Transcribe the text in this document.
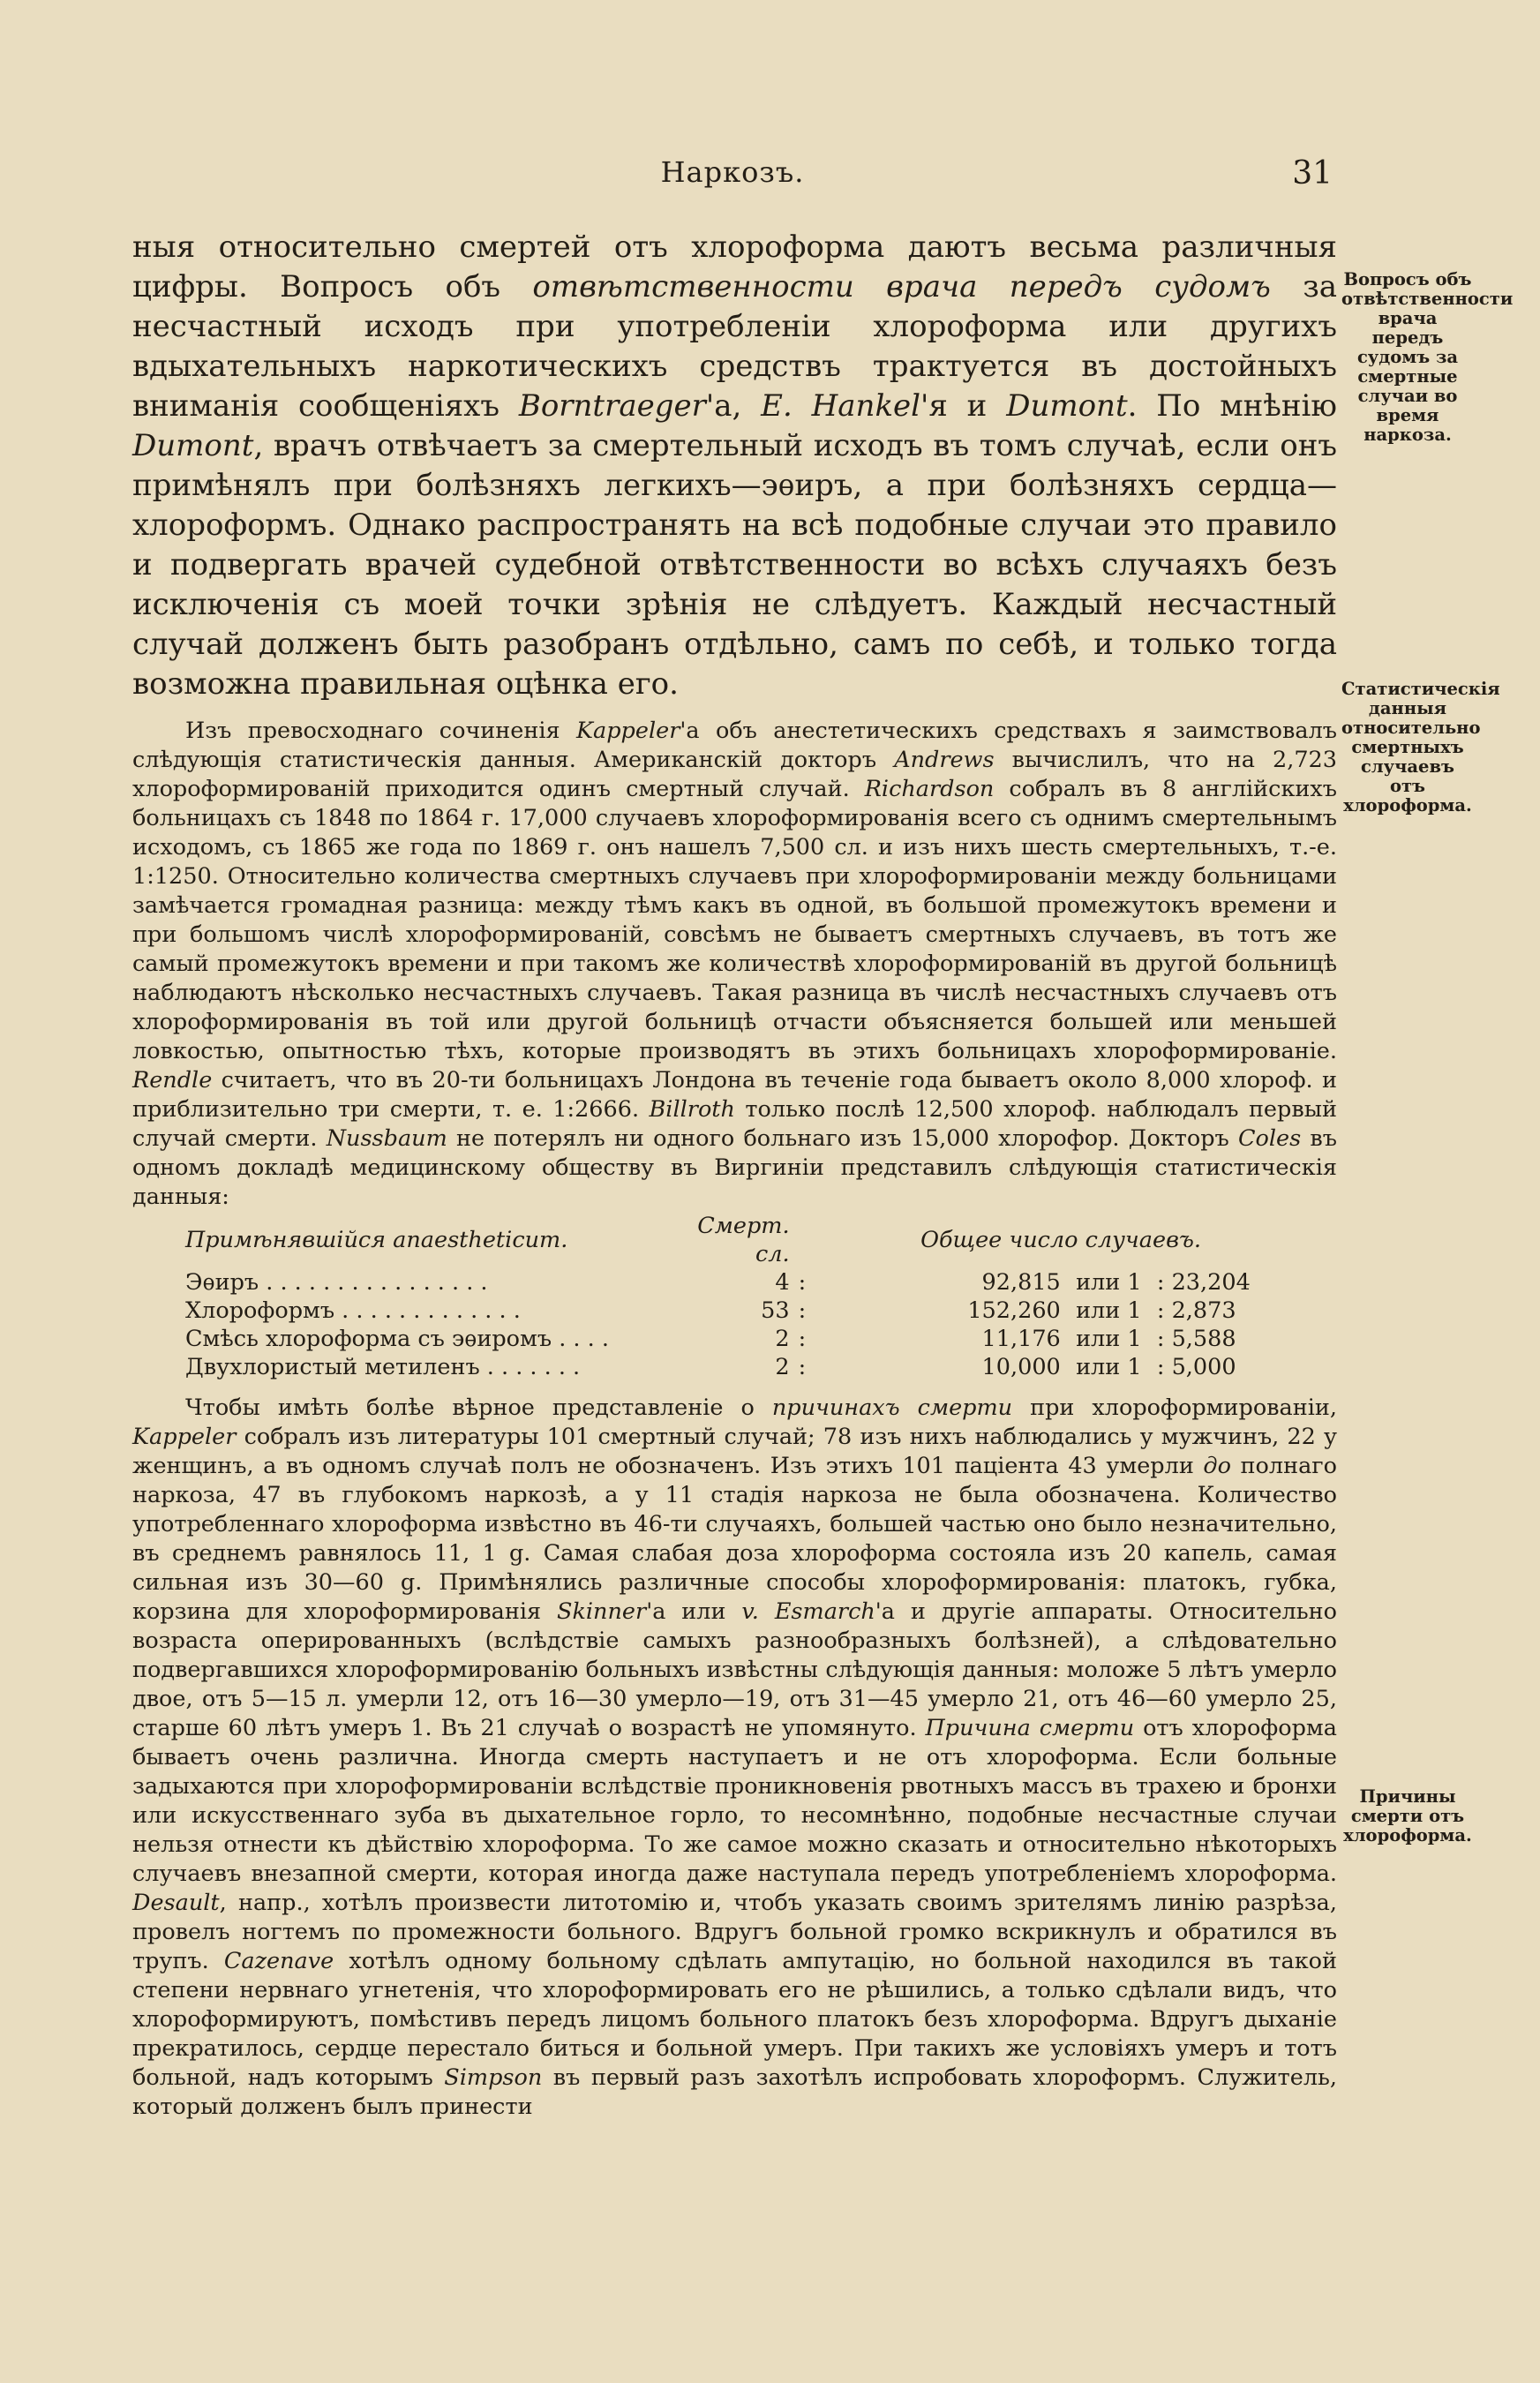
Наркозъ.	31

ныя относительно смертей отъ хлороформа даютъ весьма различныя цифры. Вопросъ объ отвѣтственности врача передъ судомъ за несчастный исходъ при употребленіи хлороформа или другихъ вдыхательныхъ наркотическихъ средствъ трактуется въ достойныхъ вниманія сообщеніяхъ Borntraeger'а, E. Hankel'я и Dumont. По мнѣнію Dumont, врачъ отвѣчаетъ за смертельный исходъ въ томъ случаѣ, если онъ примѣнялъ при болѣзняхъ легкихъ—эѳиръ, а при болѣзняхъ сердца—хлороформъ. Однако распространять на всѣ подобные случаи это правило и подвергать врачей судебной отвѣтственности во всѣхъ случаяхъ безъ исключенія съ моей точки зрѣнія не слѣдуетъ. Каждый несчастный случай долженъ быть разобранъ отдѣльно, самъ по себѣ, и только тогда возможна правильная оцѣнка его.

Изъ превосходнаго сочиненія Kappeler'а объ анестетическихъ средствахъ я заимствовалъ слѣдующія статистическія данныя. Американскій докторъ Andrews вычислилъ, что на 2,723 хлороформированій приходится одинъ смертный случай. Richardson собралъ въ 8 англійскихъ больницахъ съ 1848 по 1864 г. 17,000 случаевъ хлороформированія всего съ однимъ смертельнымъ исходомъ, съ 1865 же года по 1869 г. онъ нашелъ 7,500 сл. и изъ нихъ шесть смертельныхъ, т.-е. 1:1250. Относительно количества смертныхъ случаевъ при хлороформированіи между больницами замѣчается громадная разница: между тѣмъ какъ въ одной, въ большой промежутокъ времени и при большомъ числѣ хлороформированій, совсѣмъ не бываетъ смертныхъ случаевъ, въ тотъ же самый промежутокъ времени и при такомъ же количествѣ хлороформированій въ другой больницѣ наблюдаютъ нѣсколько несчастныхъ случаевъ. Такая разница въ числѣ несчастныхъ случаевъ отъ хлороформированія въ той или другой больницѣ отчасти объясняется большей или меньшей ловкостью, опытностью тѣхъ, которые производятъ въ этихъ больницахъ хлороформированіе. Rendle считаетъ, что въ 20-ти больницахъ Лондона въ теченіе года бываетъ около 8,000 хлороф. и приблизительно три смерти, т. е. 1:2666. Billroth только послѣ 12,500 хлороф. наблюдалъ первый случай смерти. Nussbaum не потерялъ ни одного больнаго изъ 15,000 хлорофор. Докторъ Coles въ одномъ докладѣ медицинскому обществу въ Виргиніи представилъ слѣдующія статистическія данныя:

Примѣнявшійся anaesthеticum.	Смерт. сл.		Общее число случаевъ.		
Эѳиръ . . . . . . . . . . . . . . . .	4	:	92,815	или 1	: 23,204
Хлороформъ . . . . . . . . . . . . .	53	:	152,260	или 1	: 2,873
Смѣсь хлороформа съ эѳиромъ . . . .	2	:	11,176	или 1	: 5,588
Двухлористый метиленъ . . . . . . .	2	:	10,000	или 1	: 5,000

Чтобы имѣть болѣе вѣрное представленіе о причинахъ смерти при хлороформированіи, Kappeler собралъ изъ литературы 101 смертный случай; 78 изъ нихъ наблюдались у мужчинъ, 22 у женщинъ, а въ одномъ случаѣ полъ не обозначенъ. Изъ этихъ 101 паціента 43 умерли до полнаго наркоза, 47 въ глубокомъ наркозѣ, а у 11 стадія наркоза не была обозначена. Количество употребленнаго хлороформа извѣстно въ 46-ти случаяхъ, большей частью оно было незначительно, въ среднемъ равнялось 11, 1 g. Самая слабая доза хлороформа состояла изъ 20 капель, самая сильная изъ 30—60 g. Примѣнялись различные способы хлороформированія: платокъ, губка, корзина для хлороформированія Skinner'а или v. Esmarch'а и другіе аппараты. Относительно возраста оперированныхъ (вслѣдствіе самыхъ разнообразныхъ болѣзней), а слѣдовательно подвергавшихся хлороформированію больныхъ извѣстны слѣдующія данныя: моложе 5 лѣтъ умерло двое, отъ 5—15 л. умерли 12, отъ 16—30 умерло—19, отъ 31—45 умерло 21, отъ 46—60 умерло 25, старше 60 лѣтъ умеръ 1. Въ 21 случаѣ о возрастѣ не упомянуто. Причина смерти отъ хлороформа бываетъ очень различна. Иногда смерть наступаетъ и не отъ хлороформа. Если больные задыхаются при хлороформированіи вслѣдствіе проникновенія рвотныхъ массъ въ трахею и бронхи или искусственнаго зуба въ дыхательное горло, то несомнѣнно, подобные несчастные случаи нельзя отнести къ дѣйствію хлороформа. То же самое можно сказать и относительно нѣкоторыхъ случаевъ внезапной смерти, которая иногда даже наступала передъ употребленіемъ хлороформа. Desault, напр., хотѣлъ произвести литотомію и, чтобъ указать своимъ зрителямъ линію разрѣза, провелъ ногтемъ по промежности больного. Вдругъ больной громко вскрикнулъ и обратился въ трупъ. Cazenave хотѣлъ одному больному сдѣлать ампутацію, но больной находился въ такой степени нервнаго угнетенія, что хлороформировать его не рѣшились, а только сдѣлали видъ, что хлороформируютъ, помѣстивъ передъ лицомъ больного платокъ безъ хлороформа. Вдругъ дыханіе прекратилось, сердце перестало биться и больной умеръ. При такихъ же условіяхъ умеръ и тотъ больной, надъ которымъ Simpson въ первый разъ захотѣлъ испробовать хлороформъ. Служитель, который долженъ былъ принести

Вопросъ объ отвѣтственности врача передъ судомъ за смертные случаи во время наркоза.
Статистическія данныя относительно смертныхъ случаевъ отъ хлороформа.
Причины смерти отъ хлороформа.
